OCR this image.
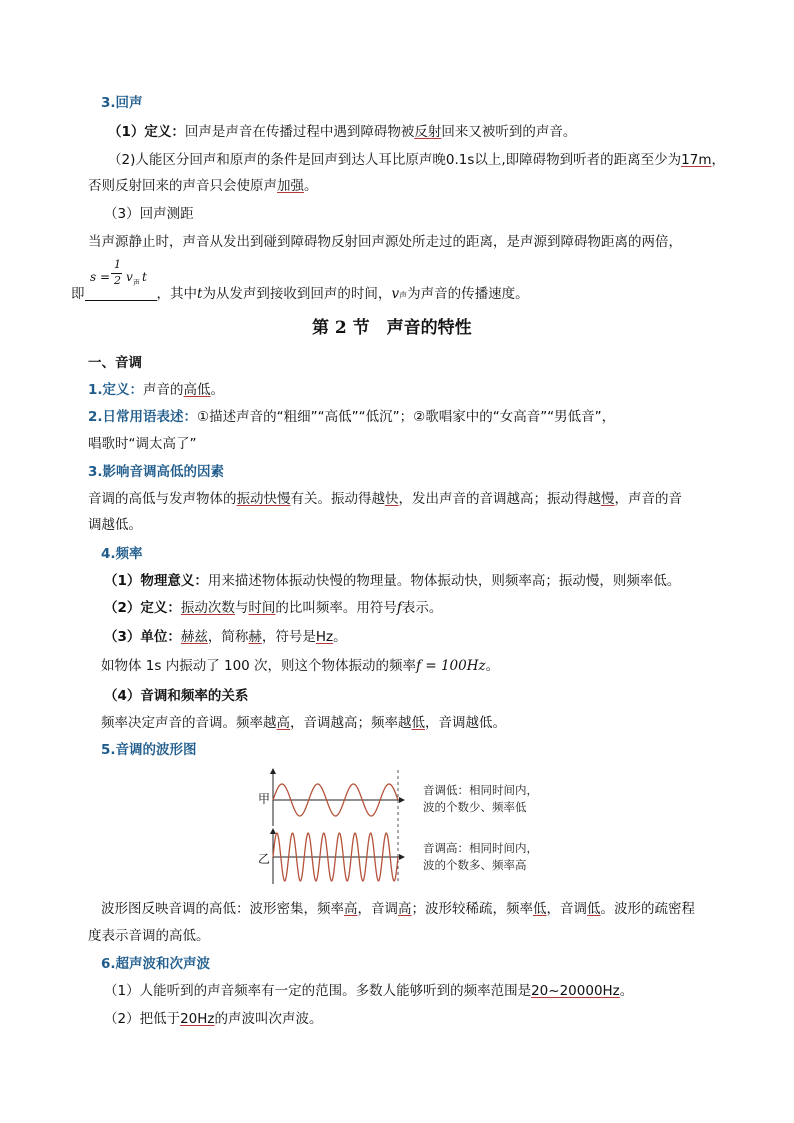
3.回声
（1）定义：回声是声音在传播过程中遇到障碍物被反射回来又被听到的声音。
（2)人能区分回声和原声的条件是回声到达人耳比原声晚0.1s以上,即障碍物到听者的距离至少为17m，
否则反射回来的声音只会使原声加强。
（3）回声测距
当声源静止时，声音从发出到碰到障碍物反射回声源处所走过的距离，是声源到障碍物距离的两倍，
s =
1
2 v 声 t
即	，其中t为从发声到接收到回声的时间，v声为声音的传播速度。
第 2 节　声音的特性
一、音调
1.定义：声音的高低。
2.日常用语表述：①描述声音的“粗细”“高低”“低沉”；②歌唱家中的“女高音”“男低音”，
唱歌时“调太高了”
3.影响音调高低的因素
音调的高低与发声物体的振动快慢有关。振动得越快，发出声音的音调越高；振动得越慢，声音的音
调越低。
4.频率
（1）物理意义：用来描述物体振动快慢的物理量。物体振动快，则频率高；振动慢，则频率低。
（2）定义：振动次数与时间的比叫频率。用符号f表示。
（3）单位：赫兹，简称赫，符号是Hz。
如物体 1s 内振动了 100 次，则这个物体振动的频率f = 100Hz。
（4）音调和频率的关系
频率决定声音的音调。频率越高，音调越高；频率越低，音调越低。
5.音调的波形图
甲
乙
音调低：相同时间内，
波的个数少、频率低
音调高：相同时间内，
波的个数多、频率高
波形图反映音调的高低：波形密集，频率高，音调高；波形较稀疏，频率低，音调低。波形的疏密程
度表示音调的高低。
6.超声波和次声波
（1）人能听到的声音频率有一定的范围。多数人能够听到的频率范围是20~20000Hz。
（2）把低于20Hz的声波叫次声波。
